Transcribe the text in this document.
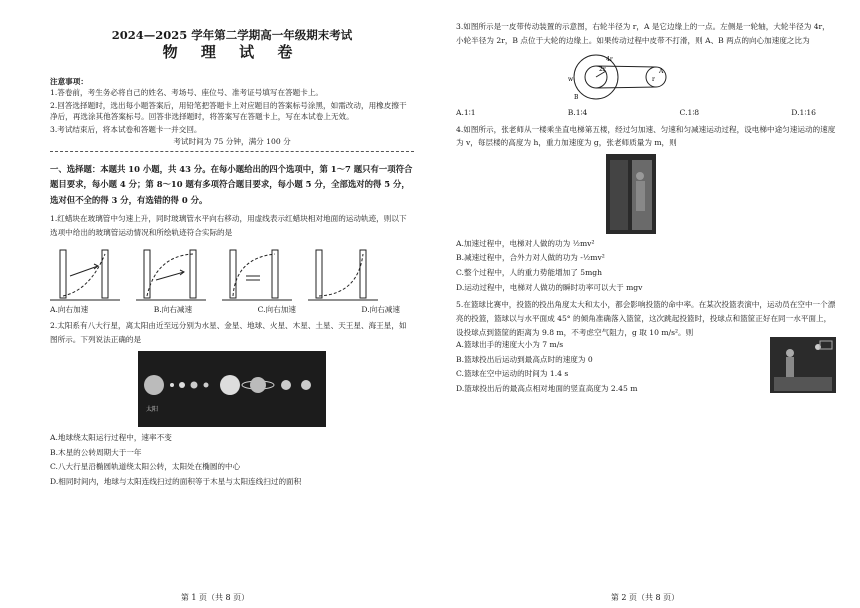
2024—2025 学年第二学期高一年级期末考试
物 理 试 卷
注意事项：
1.答卷前，考生务必将自己的姓名、考场号、座位号、准考证号填写在答题卡上。
2.回答选择题时，选出每小题答案后，用铅笔把答题卡上对应题目的答案标号涂黑，如需改动，用橡皮擦干净后，再选涂其他答案标号。回答非选择题时，将答案写在答题卡上，写在本试卷上无效。
3.考试结束后，将本试卷和答题卡一并交回。
考试时间为 75 分钟，满分 100 分
一、选择题：本题共 10 小题，共 43 分。在每小题给出的四个选项中，第 1～7 题只有一项符合题目要求，每小题 4 分；第 8～10 题有多项符合题目要求，每小题 5 分，全部选对的得 5 分，选对但不全的得 3 分，有选错的得 0 分。
1.红蜡块在玻璃管中匀速上升，同时玻璃管水平向右移动，用虚线表示红蜡块相对地面的运动轨迹，则以下选项中给出的玻璃管运动情况和所绘轨迹符合实际的是
A.向右加速	B.向右减速	C.向右加速	D.向右减速
2.太阳系有八大行星，离太阳由近至远分别为水星、金星、地球、火星、木星、土星、天王星、海王星，如图所示。下列说法正确的是
太阳
A.地球绕太阳运行过程中，速率不变
B.木星的公转周期大于一年
C.八大行星沿椭圆轨道绕太阳公转，太阳处在椭圆的中心
D.相同时间内，地球与太阳连线扫过的面积等于木星与太阳连线扫过的面积
第 1 页（共 8 页）
3.如图所示是一皮带传动装置的示意图，右轮半径为 r，A 是它边缘上的一点。左侧是一轮轴，大轮半径为 4r，小轮半径为 2r，B 点位于大轮的边缘上。如果传动过程中皮带不打滑，则 A、B 两点的向心加速度之比为
w
2r
4r
B
A
r
A.1∶1	B.1∶4	C.1∶8	D.1∶16
4.如图所示，张老师从一楼乘坐直电梯第五楼，经过匀加速、匀速和匀减速运动过程，设电梯中途匀速运动的速度为 v，每层楼的高度为 h，重力加速度为 g，张老师质量为 m，则
A.加速过程中，电梯对人做的功为 ½mv²
B.减速过程中，合外力对人做的功为 -½mv²
C.整个过程中，人的重力势能增加了 5mgh
D.运动过程中，电梯对人做功的瞬时功率可以大于 mgv
5.在篮球比赛中，投篮的投出角度太大和太小，都会影响投篮的命中率。在某次投篮表演中，运动员在空中一个漂亮的投篮，篮球以与水平面成 45° 的倾角准确落入篮筐，这次跳起投篮时，投球点和篮筐正好在同一水平面上，设投球点到篮筐的距离为 9.8 m，不考虑空气阻力，g 取 10 m/s²。则
A.篮球出手的速度大小为 7 m/s
B.篮球投出后运动到最高点时的速度为 0
C.篮球在空中运动的时间为 1.4 s
D.篮球投出后的最高点相对地面的竖直高度为 2.45 m
第 2 页（共 8 页）
